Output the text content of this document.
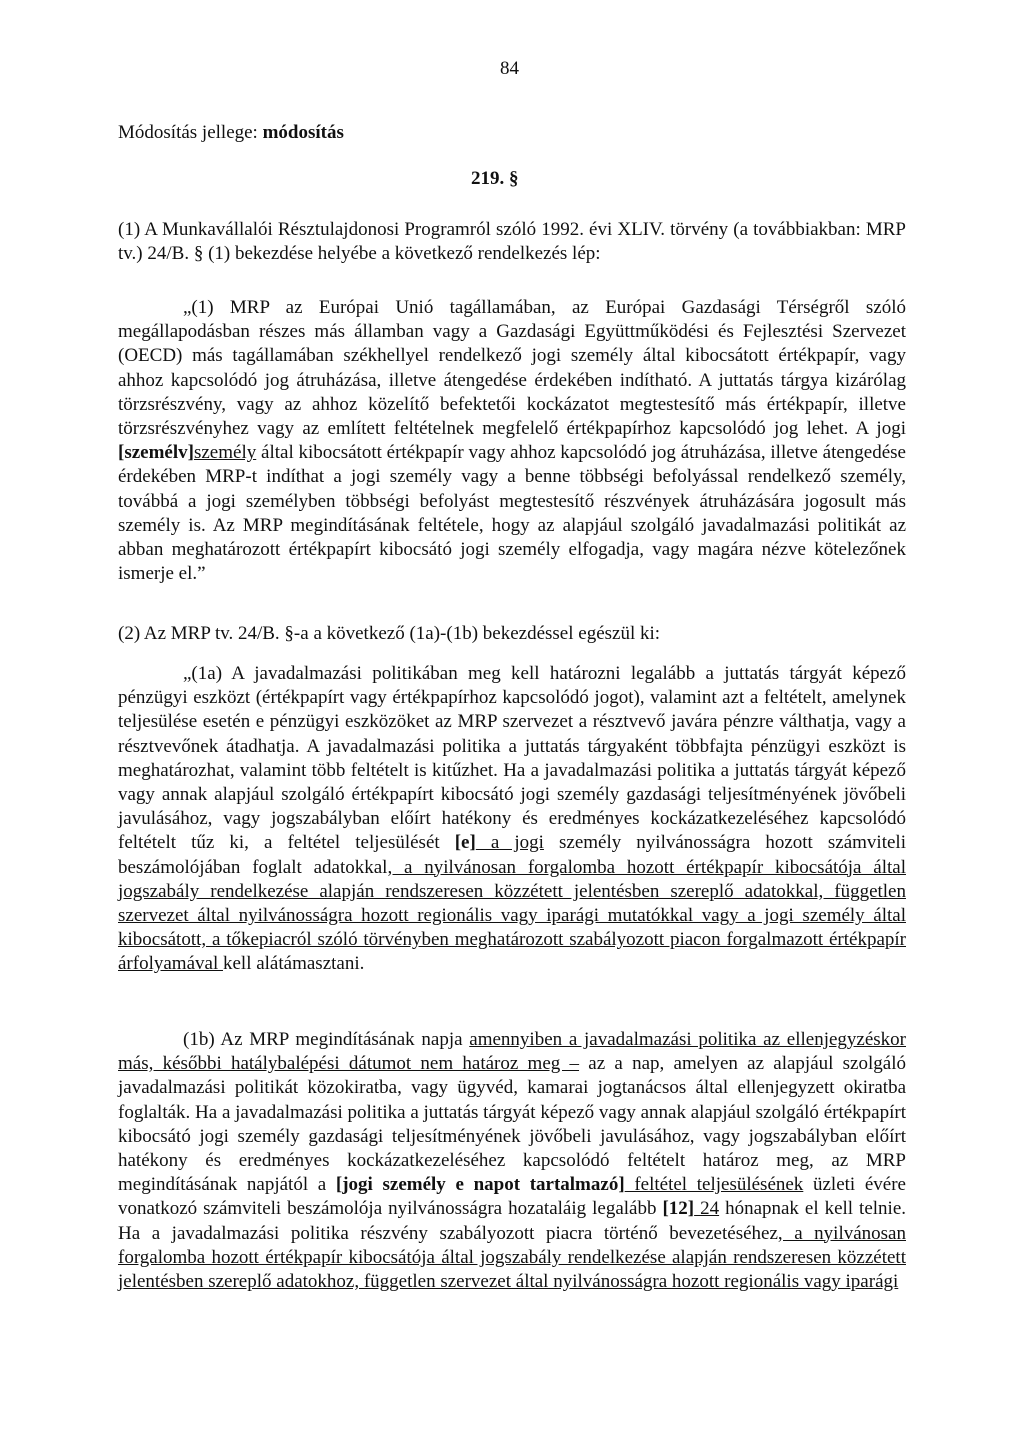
84
Módosítás jellege: módosítás
219. §

(1) A Munkavállalói Résztulajdonosi Programról szóló 1992. évi XLIV. törvény (a továbbiakban: MRP tv.) 24/B. § (1) bekezdése helyébe a következő rendelkezés lép:

„(1) MRP az Európai Unió tagállamában, az Európai Gazdasági Térségről szóló megállapodásban részes más államban vagy a Gazdasági Együttműködési és Fejlesztési Szervezet (OECD) más tagállamában székhellyel rendelkező jogi személy által kibocsátott értékpapír, vagy ahhoz kapcsolódó jog átruházása, illetve átengedése érdekében indítható. A juttatás tárgya kizárólag törzsrészvény, vagy az ahhoz közelítő befektetői kockázatot megtestesítő más értékpapír, illetve törzsrészvényhez vagy az említett feltételnek megfelelő értékpapírhoz kapcsolódó jog lehet. A jogi [személv]személy által kibocsátott értékpapír vagy ahhoz kapcsolódó jog átruházása, illetve átengedése érdekében MRP-t indíthat a jogi személy vagy a benne többségi befolyással rendelkező személy, továbbá a jogi személyben többségi befolyást megtestesítő részvények átruházására jogosult más személy is. Az MRP megindításának feltétele, hogy az alapjául szolgáló javadalmazási politikát az abban meghatározott értékpapírt kibocsátó jogi személy elfogadja, vagy magára nézve kötelezőnek ismerje el.”

(2) Az MRP tv. 24/B. §-a a következő (1a)-(1b) bekezdéssel egészül ki:

„(1a) A javadalmazási politikában meg kell határozni legalább a juttatás tárgyát képező pénzügyi eszközt (értékpapírt vagy értékpapírhoz kapcsolódó jogot), valamint azt a feltételt, amelynek teljesülése esetén e pénzügyi eszközöket az MRP szervezet a résztvevő javára pénzre válthatja, vagy a résztvevőnek átadhatja. A javadalmazási politika a juttatás tárgyaként többfajta pénzügyi eszközt is meghatározhat, valamint több feltételt is kitűzhet. Ha a javadalmazási politika a juttatás tárgyát képező vagy annak alapjául szolgáló értékpapírt kibocsátó jogi személy gazdasági teljesítményének jövőbeli javulásához, vagy jogszabályban előírt hatékony és eredményes kockázatkezeléséhez kapcsolódó feltételt tűz ki, a feltétel teljesülését [e] a jogi személy nyilvánosságra hozott számviteli beszámolójában foglalt adatokkal, a nyilvánosan forgalomba hozott értékpapír kibocsátója által jogszabály rendelkezése alapján rendszeresen közzétett jelentésben szereplő adatokkal, független szervezet által nyilvánosságra hozott regionális vagy iparági mutatókkal vagy a jogi személy által kibocsátott, a tőkepiacról szóló törvényben meghatározott szabályozott piacon forgalmazott értékpapír árfolyamával kell alátámasztani.

(1b) Az MRP megindításának napja amennyiben a javadalmazási politika az ellenjegyzéskor más, későbbi hatálybalépési dátumot nem határoz meg – az a nap, amelyen az alapjául szolgáló javadalmazási politikát közokiratba, vagy ügyvéd, kamarai jogtanácsos által ellenjegyzett okiratba foglalták. Ha a javadalmazási politika a juttatás tárgyát képező vagy annak alapjául szolgáló értékpapírt kibocsátó jogi személy gazdasági teljesítményének jövőbeli javulásához, vagy jogszabályban előírt hatékony és eredményes kockázatkezeléséhez kapcsolódó feltételt határoz meg, az MRP megindításának napjától a [jogi személy e napot tartalmazó] feltétel teljesülésének üzleti évére vonatkozó számviteli beszámolója nyilvánosságra hozataláig legalább [12] 24 hónapnak el kell telnie. Ha a javadalmazási politika részvény szabályozott piacra történő bevezetéséhez, a nyilvánosan forgalomba hozott értékpapír kibocsátója által jogszabály rendelkezése alapján rendszeresen közzétett jelentésben szereplő adatokhoz, független szervezet által nyilvánosságra hozott regionális vagy iparági
